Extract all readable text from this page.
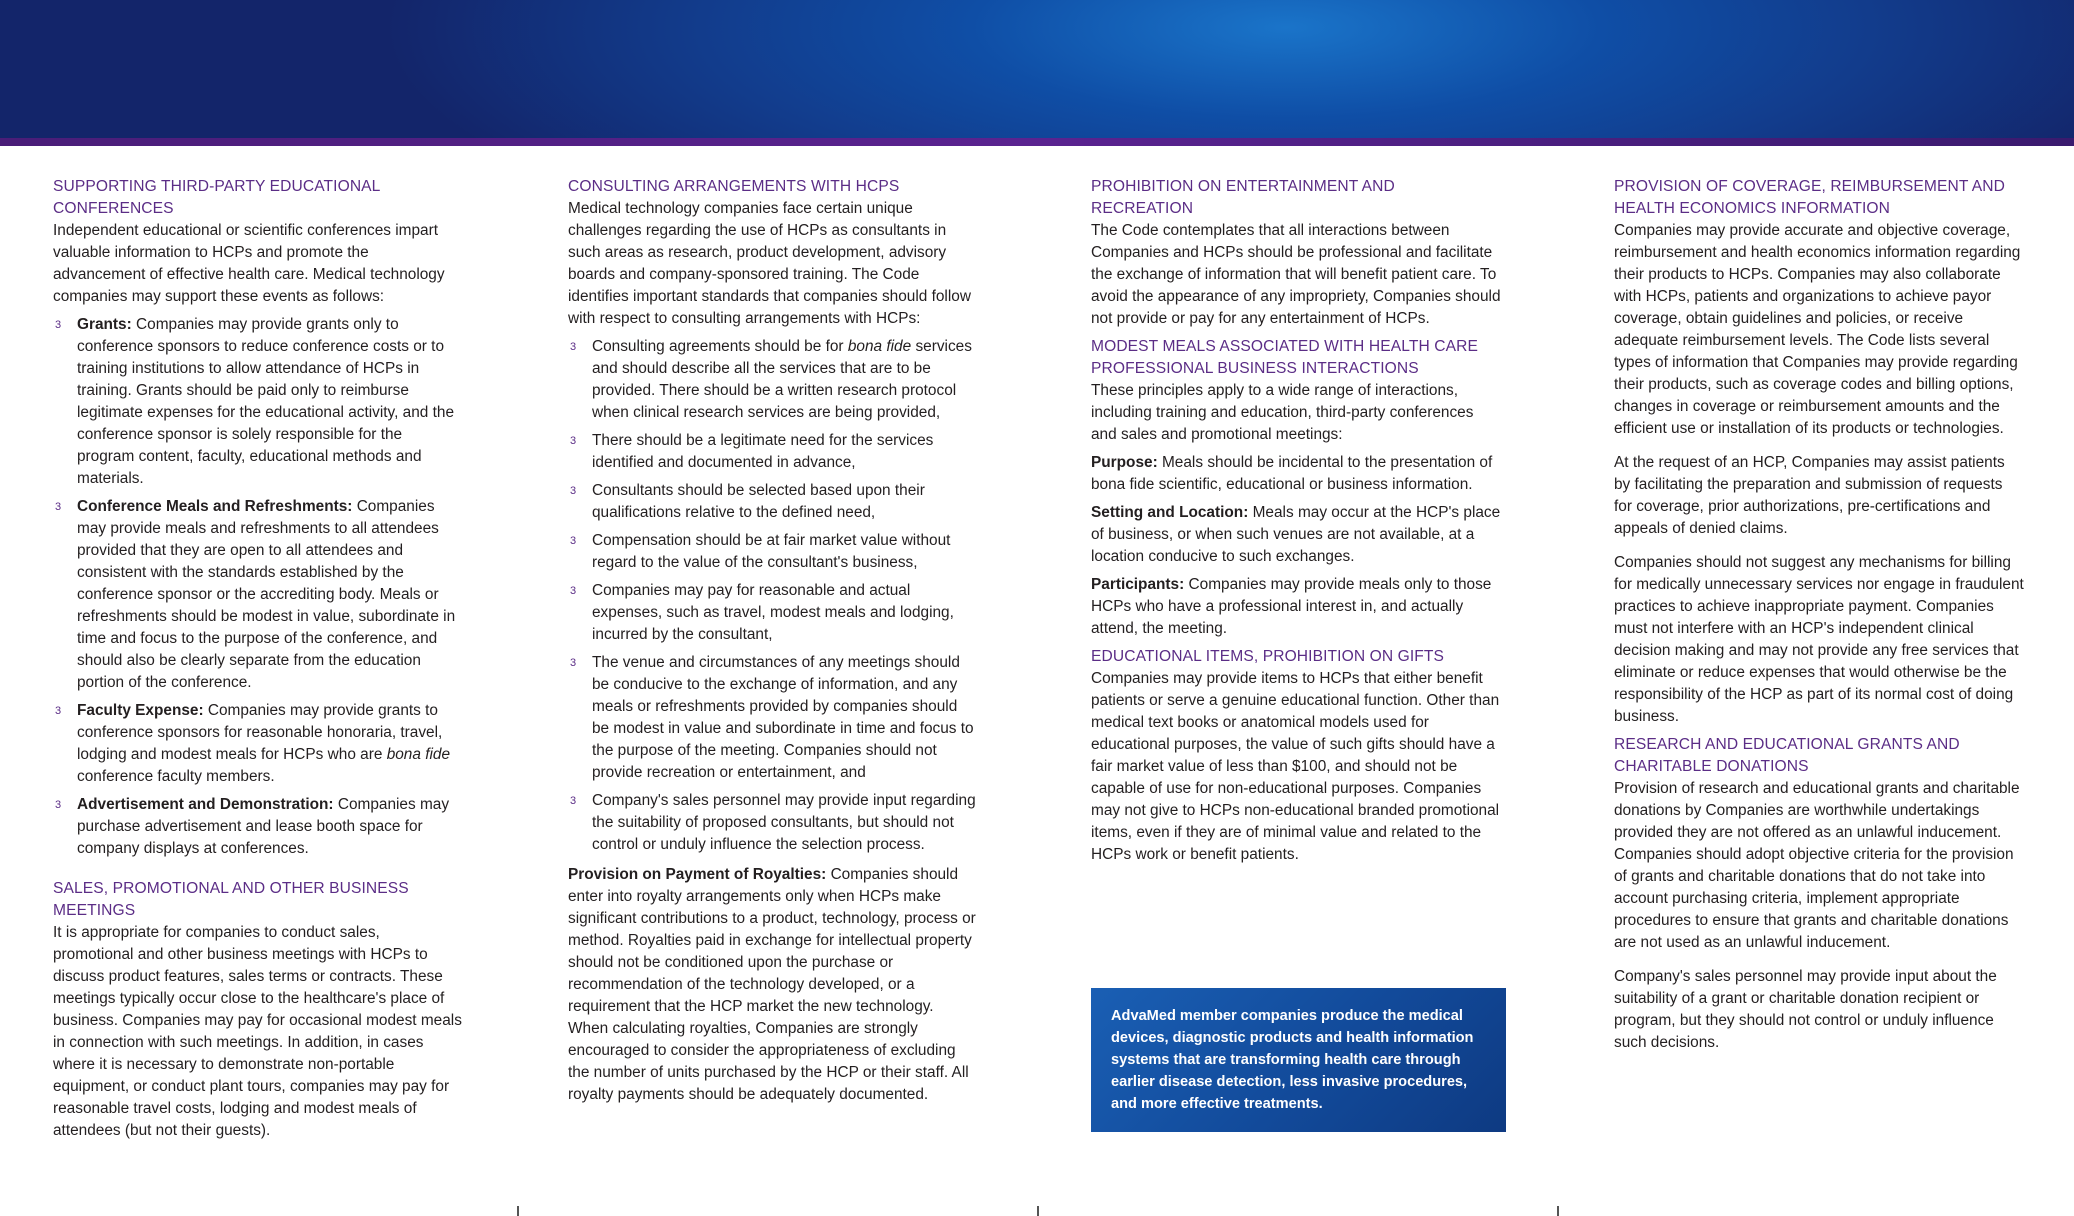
SUPPORTING THIRD-PARTY EDUCATIONAL CONFERENCES

Independent educational or scientific conferences impart valuable information to HCPs and promote the advancement of effective health care. Medical technology companies may support these events as follows:

3 Grants: Companies may provide grants only to conference sponsors to reduce conference costs or to training institutions to allow attendance of HCPs in training. Grants should be paid only to reimburse legitimate expenses for the educational activity, and the conference sponsor is solely responsible for the program content, faculty, educational methods and materials.
3 Conference Meals and Refreshments: Companies may provide meals and refreshments to all attendees provided that they are open to all attendees and consistent with the standards established by the conference sponsor or the accrediting body. Meals or refreshments should be modest in value, subordinate in time and focus to the purpose of the conference, and should also be clearly separate from the education portion of the conference.
3 Faculty Expense: Companies may provide grants to conference sponsors for reasonable honoraria, travel, lodging and modest meals for HCPs who are bona fide conference faculty members.
3 Advertisement and Demonstration: Companies may purchase advertisement and lease booth space for company displays at conferences.
SALES, PROMOTIONAL AND OTHER BUSINESS MEETINGS

It is appropriate for companies to conduct sales, promotional and other business meetings with HCPs to discuss product features, sales terms or contracts. These meetings typically occur close to the healthcare's place of business. Companies may pay for occasional modest meals in connection with such meetings. In addition, in cases where it is necessary to demonstrate non-portable equipment, or conduct plant tours, companies may pay for reasonable travel costs, lodging and modest meals of attendees (but not their guests).

CONSULTING ARRANGEMENTS WITH HCPS

Medical technology companies face certain unique challenges regarding the use of HCPs as consultants in such areas as research, product development, advisory boards and company-sponsored training. The Code identifies important standards that companies should follow with respect to consulting arrangements with HCPs:

3 Consulting agreements should be for bona fide services and should describe all the services that are to be provided. There should be a written research protocol when clinical research services are being provided,
3 There should be a legitimate need for the services identified and documented in advance,
3 Consultants should be selected based upon their qualifications relative to the defined need,
3 Compensation should be at fair market value without regard to the value of the consultant's business,
3 Companies may pay for reasonable and actual expenses, such as travel, modest meals and lodging, incurred by the consultant,
3 The venue and circumstances of any meetings should be conducive to the exchange of information, and any meals or refreshments provided by companies should be modest in value and subordinate in time and focus to the purpose of the meeting. Companies should not provide recreation or entertainment, and
3 Company's sales personnel may provide input regarding the suitability of proposed consultants, but should not control or unduly influence the selection process.

Provision on Payment of Royalties: Companies should enter into royalty arrangements only when HCPs make significant contributions to a product, technology, process or method. Royalties paid in exchange for intellectual property should not be conditioned upon the purchase or recommendation of the technology developed, or a requirement that the HCP market the new technology. When calculating royalties, Companies are strongly encouraged to consider the appropriateness of excluding the number of units purchased by the HCP or their staff. All royalty payments should be adequately documented.

PROHIBITION ON ENTERTAINMENT AND RECREATION

The Code contemplates that all interactions between Companies and HCPs should be professional and facilitate the exchange of information that will benefit patient care. To avoid the appearance of any impropriety, Companies should not provide or pay for any entertainment of HCPs.

MODEST MEALS ASSOCIATED WITH HEALTH CARE PROFESSIONAL BUSINESS INTERACTIONS

These principles apply to a wide range of interactions, including training and education, third-party conferences and sales and promotional meetings:

Purpose: Meals should be incidental to the presentation of bona fide scientific, educational or business information.

Setting and Location: Meals may occur at the HCP's place of business, or when such venues are not available, at a location conducive to such exchanges.

Participants: Companies may provide meals only to those HCPs who have a professional interest in, and actually attend, the meeting.

EDUCATIONAL ITEMS, PROHIBITION ON GIFTS

Companies may provide items to HCPs that either benefit patients or serve a genuine educational function. Other than medical text books or anatomical models used for educational purposes, the value of such gifts should have a fair market value of less than $100, and should not be capable of use for non-educational purposes. Companies may not give to HCPs non-educational branded promotional items, even if they are of minimal value and related to the HCPs work or benefit patients.

AdvaMed member companies produce the medical devices, diagnostic products and health information systems that are transforming health care through earlier disease detection, less invasive procedures, and more effective treatments.
PROVISION OF COVERAGE, REIMBURSEMENT AND HEALTH ECONOMICS INFORMATION

Companies may provide accurate and objective coverage, reimbursement and health economics information regarding their products to HCPs. Companies may also collaborate with HCPs, patients and organizations to achieve payor coverage, obtain guidelines and policies, or receive adequate reimbursement levels. The Code lists several types of information that Companies may provide regarding their products, such as coverage codes and billing options, changes in coverage or reimbursement amounts and the efficient use or installation of its products or technologies.

At the request of an HCP, Companies may assist patients by facilitating the preparation and submission of requests for coverage, prior authorizations, pre-certifications and appeals of denied claims.

Companies should not suggest any mechanisms for billing for medically unnecessary services nor engage in fraudulent practices to achieve inappropriate payment. Companies must not interfere with an HCP's independent clinical decision making and may not provide any free services that eliminate or reduce expenses that would otherwise be the responsibility of the HCP as part of its normal cost of doing business.

RESEARCH AND EDUCATIONAL GRANTS AND CHARITABLE DONATIONS

Provision of research and educational grants and charitable donations by Companies are worthwhile undertakings provided they are not offered as an unlawful inducement. Companies should adopt objective criteria for the provision of grants and charitable donations that do not take into account purchasing criteria, implement appropriate procedures to ensure that grants and charitable donations are not used as an unlawful inducement.

Company's sales personnel may provide input about the suitability of a grant or charitable donation recipient or program, but they should not control or unduly influence such decisions.
